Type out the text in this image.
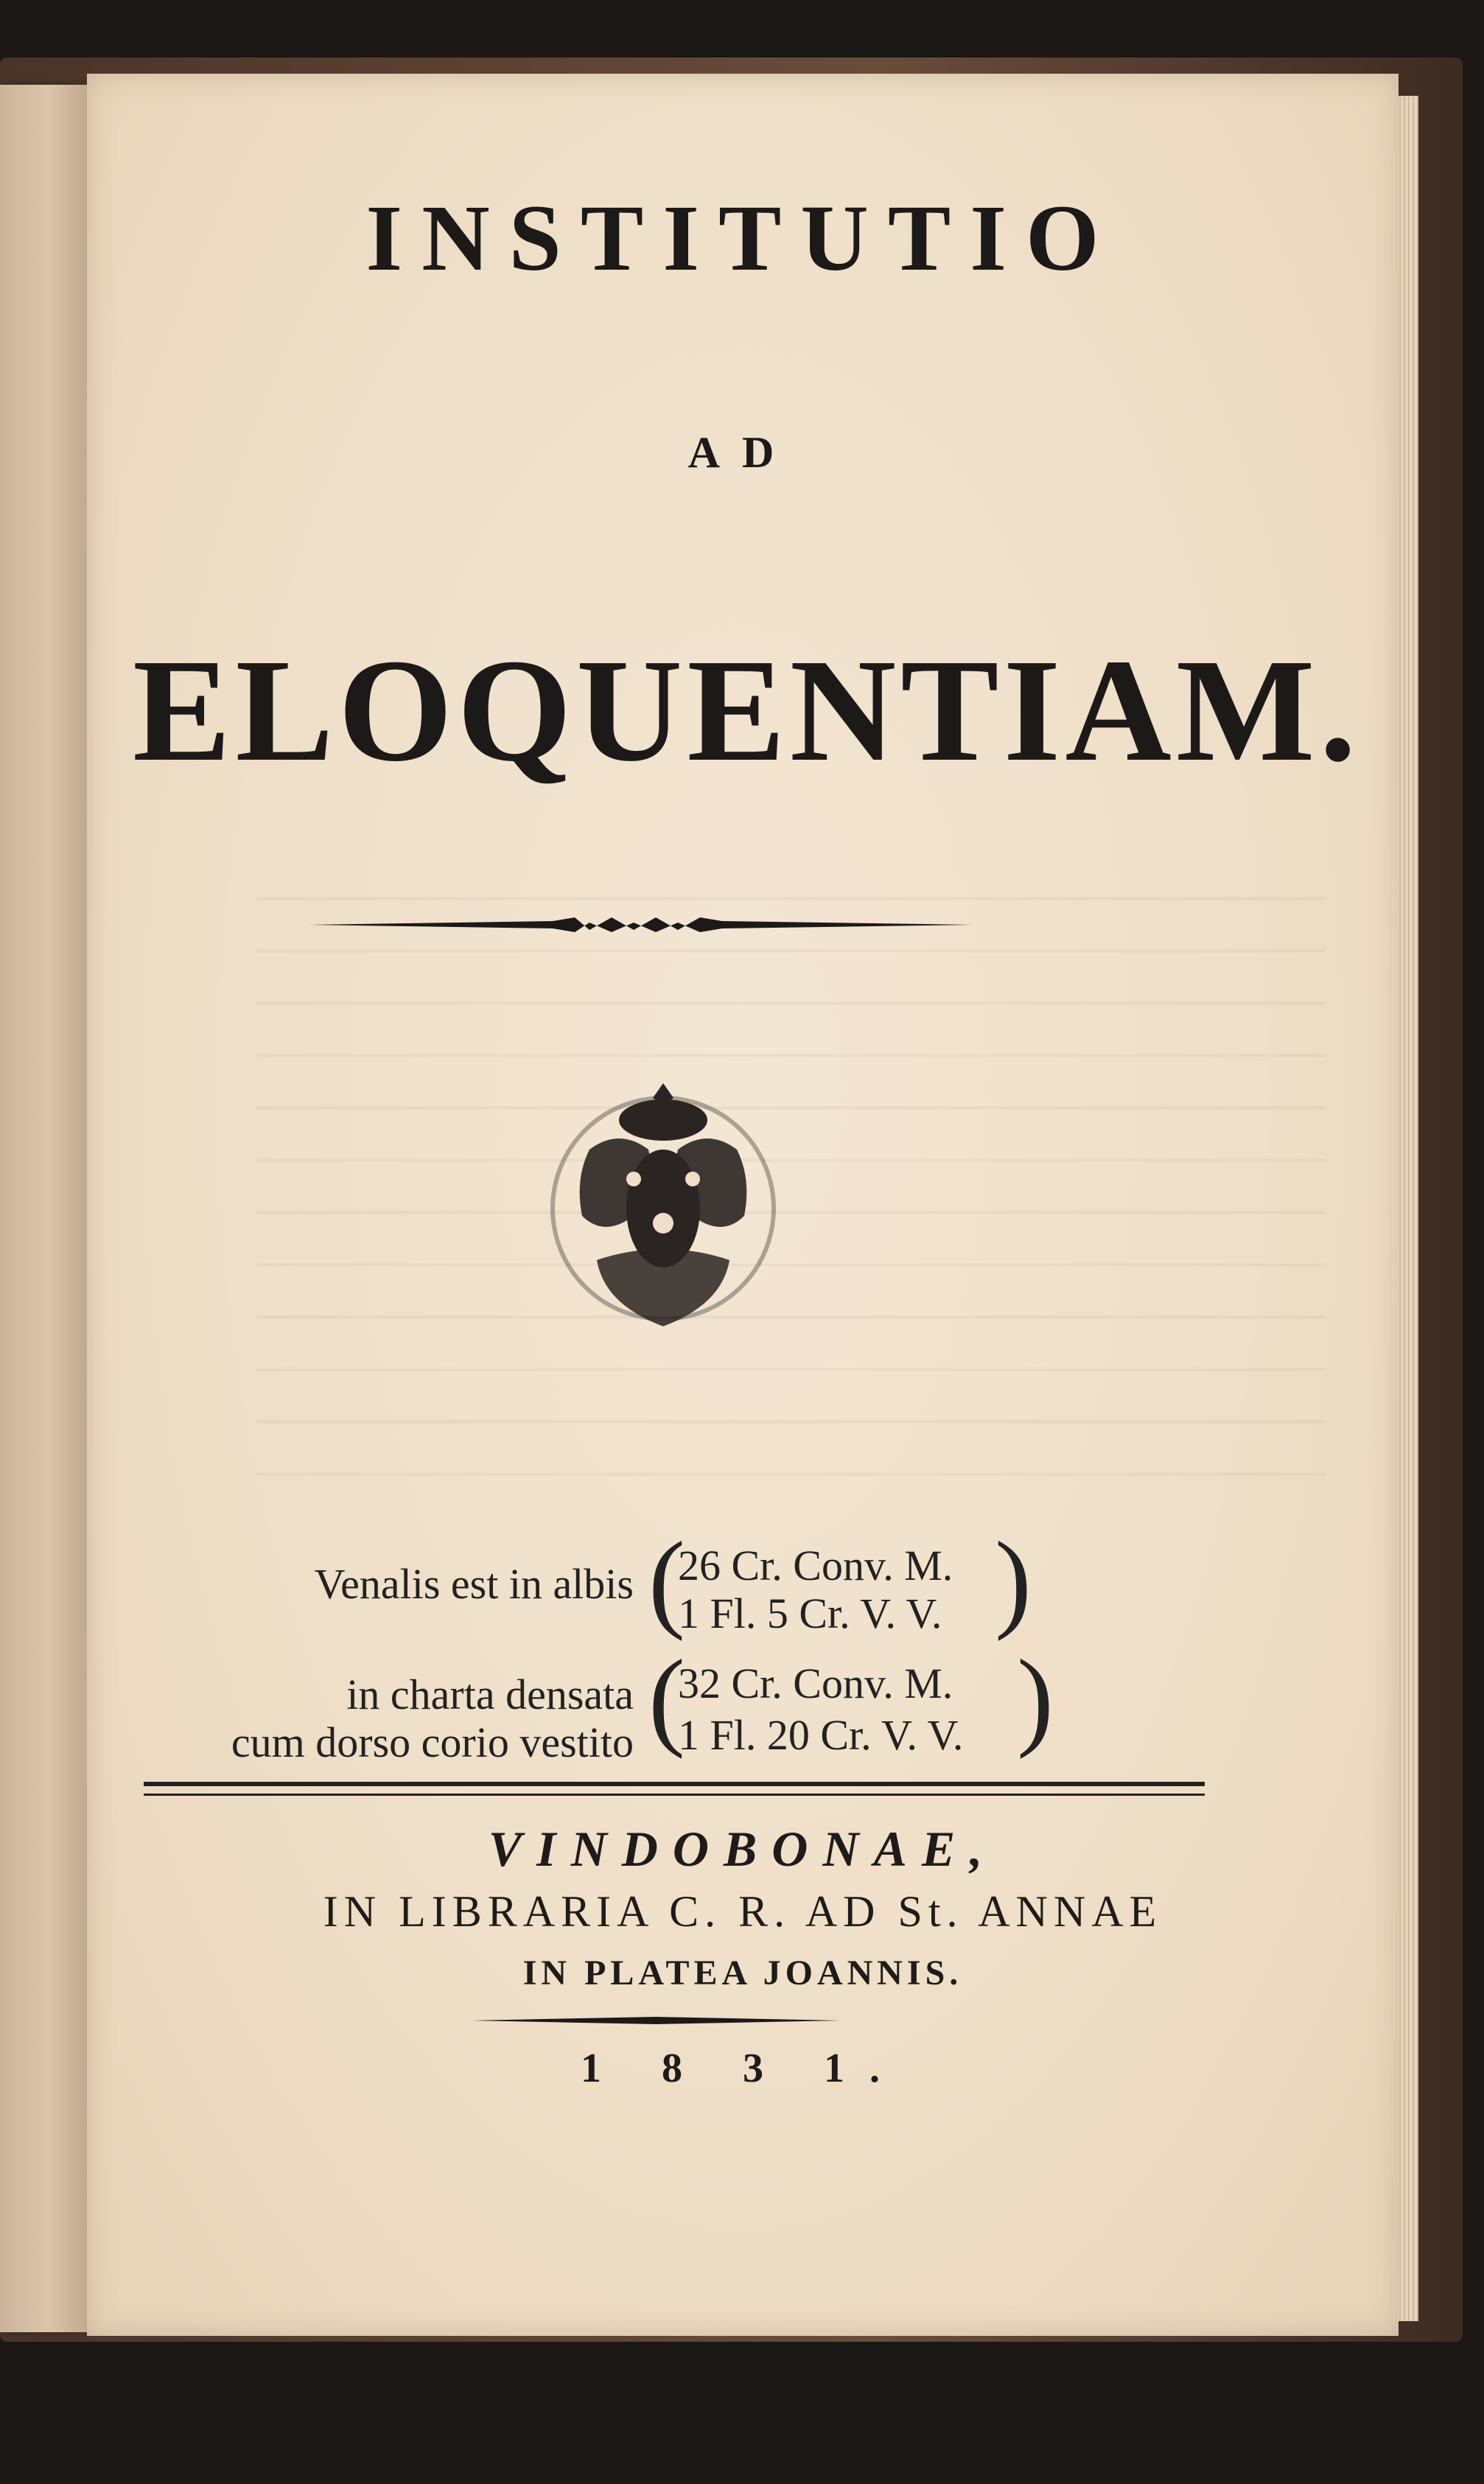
INSTITUTIO
AD
ELOQUENTIAM.
Venalis est in albis 26 Cr. Conv. M.
1 Fl. 5 Cr. V. V.
in charta densata 32 Cr. Conv. M.
cum dorso corio vestito 1 Fl. 20 Cr. V. V.
(	)
(	)
VINDOBONAE,
IN LIBRARIA C. R. AD St. ANNAE
IN PLATEA JOANNIS.
1 8 3 1.
